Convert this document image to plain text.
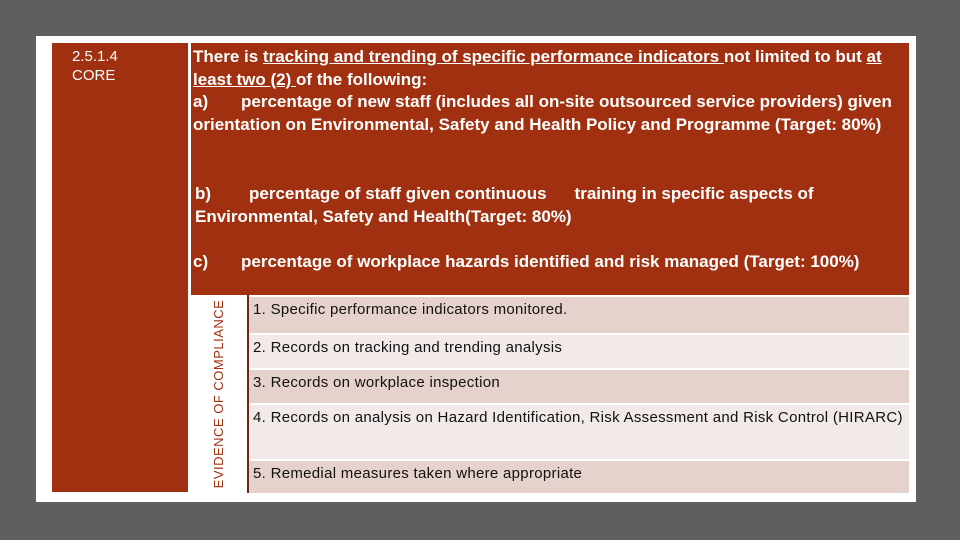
2.5.1.4
CORE

There is tracking and trending of specific performance indicators not limited to but at least two (2) of the following:

a) percentage of new staff (includes all on-site outsourced service providers) given orientation on Environmental, Safety and Health Policy and Programme (Target: 80%)

b) percentage of staff given continuous training in specific aspects of Environmental, Safety and Health(Target: 80%)

c) percentage of workplace hazards identified and risk managed (Target: 100%)

EVIDENCE OF COMPLIANCE 1. Specific performance indicators monitored.
2. Records on tracking and trending analysis
3. Records on workplace inspection
4. Records on analysis on Hazard Identification, Risk Assessment and Risk Control (HIRARC)
5. Remedial measures taken where appropriate
